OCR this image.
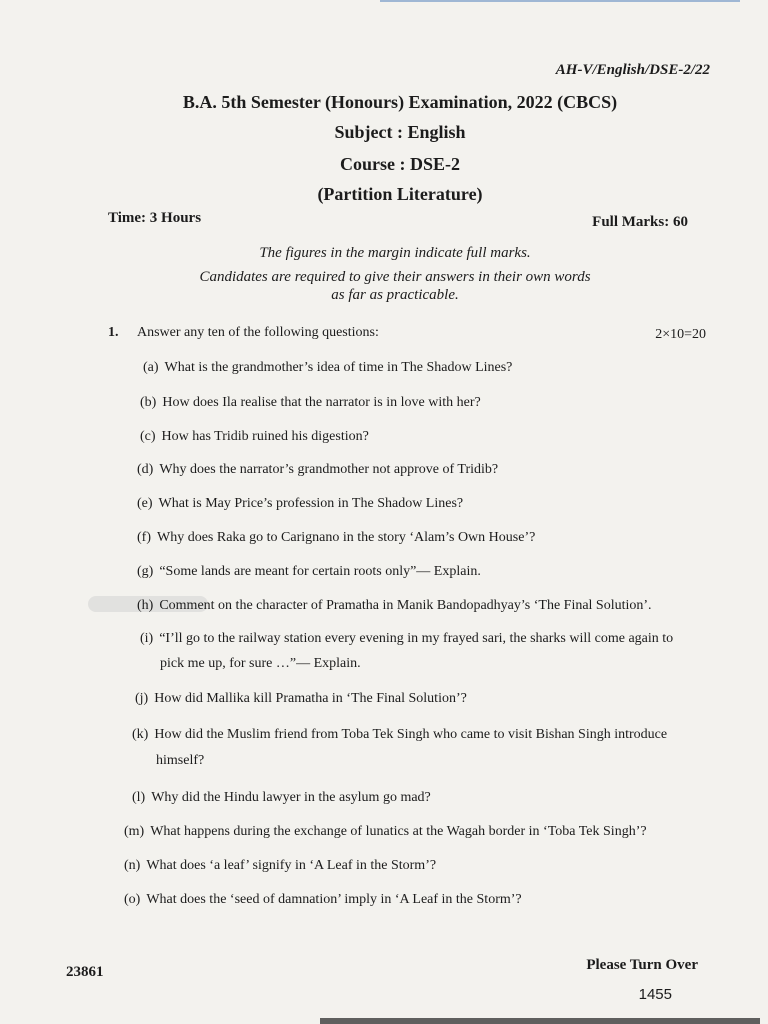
AH-V/English/DSE-2/22
B.A. 5th Semester (Honours) Examination, 2022 (CBCS)
Subject : English
Course : DSE-2
(Partition Literature)
Time: 3 Hours	Full Marks: 60
The figures in the margin indicate full marks.
Candidates are required to give their answers in their own words
as far as practicable.
1. Answer any ten of the following questions:	2×10=20
(a) What is the grandmother’s idea of time in The Shadow Lines?
(b) How does Ila realise that the narrator is in love with her?
(c) How has Tridib ruined his digestion?
(d) Why does the narrator’s grandmother not approve of Tridib?
(e) What is May Price’s profession in The Shadow Lines?
(f) Why does Raka go to Carignano in the story ‘Alam’s Own House’?
(g) “Some lands are meant for certain roots only”— Explain.
(h) Comment on the character of Pramatha in Manik Bandopadhyay’s ‘The Final Solution’.
(i) “I’ll go to the railway station every evening in my frayed sari, the sharks will come again to
pick me up, for sure …”— Explain.
(j) How did Mallika kill Pramatha in ‘The Final Solution’?
(k) How did the Muslim friend from Toba Tek Singh who came to visit Bishan Singh introduce
himself?
(l) Why did the Hindu lawyer in the asylum go mad?
(m) What happens during the exchange of lunatics at the Wagah border in ‘Toba Tek Singh’?
(n) What does ‘a leaf’ signify in ‘A Leaf in the Storm’?
(o) What does the ‘seed of damnation’ imply in ‘A Leaf in the Storm’?
23861	Please Turn Over
1455
